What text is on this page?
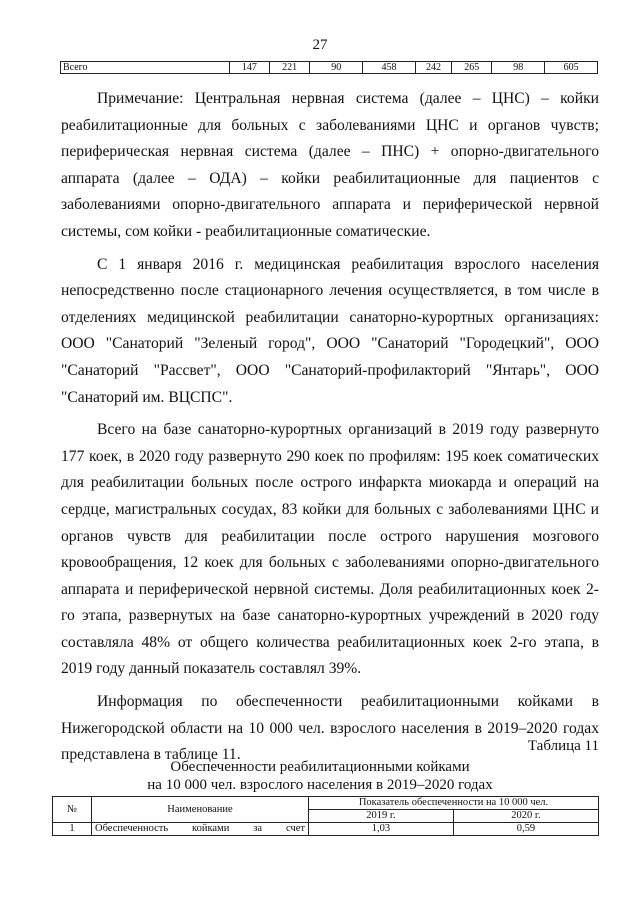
27
Всего	147	221	90	458	242	265	98	605

Примечание: Центральная нервная система (далее – ЦНС) – койки реабилитационные для больных с заболеваниями ЦНС и органов чувств; периферическая нервная система (далее – ПНС) + опорно-двигательного аппарата (далее – ОДА) – койки реабилитационные для пациентов с заболеваниями опорно-двигательного аппарата и периферической нервной системы, сом койки - реабилитационные соматические.

С 1 января 2016 г. медицинская реабилитация взрослого населения непосредственно после стационарного лечения осуществляется, в том числе в отделениях медицинской реабилитации санаторно-курортных организациях: ООО "Санаторий "Зеленый город", ООО "Санаторий "Городецкий", ООО "Санаторий "Рассвет", ООО "Санаторий-профилакторий "Янтарь", ООО "Санаторий им. ВЦСПС".

Всего на базе санаторно-курортных организаций в 2019 году развернуто 177 коек, в 2020 году развернуто 290 коек по профилям: 195 коек соматических для реабилитации больных после острого инфаркта миокарда и операций на сердце, магистральных сосудах, 83 койки для больных с заболеваниями ЦНС и органов чувств для реабилитации после острого нарушения мозгового кровообращения, 12 коек для больных с заболеваниями опорно-двигательного аппарата и периферической нервной системы. Доля реабилитационных коек 2-го этапа, развернутых на базе санаторно-курортных учреждений в 2020 году составляла 48% от общего количества реабилитационных коек 2-го этапа, в 2019 году данный показатель составлял 39%.

Информация по обеспеченности реабилитационными койками в Нижегородской области на 10 000 чел. взрослого населения в 2019–2020 годах представлена в таблице 11.

Таблица 11
Обеспеченности реабилитационными койками
на 10 000 чел. взрослого населения в 2019–2020 годах
№	Наименование	Показатель обеспеченности на 10 000 чел.	
		2019 г.	2020 г.
1	Обеспеченность койками за счет	1,03	0,59
